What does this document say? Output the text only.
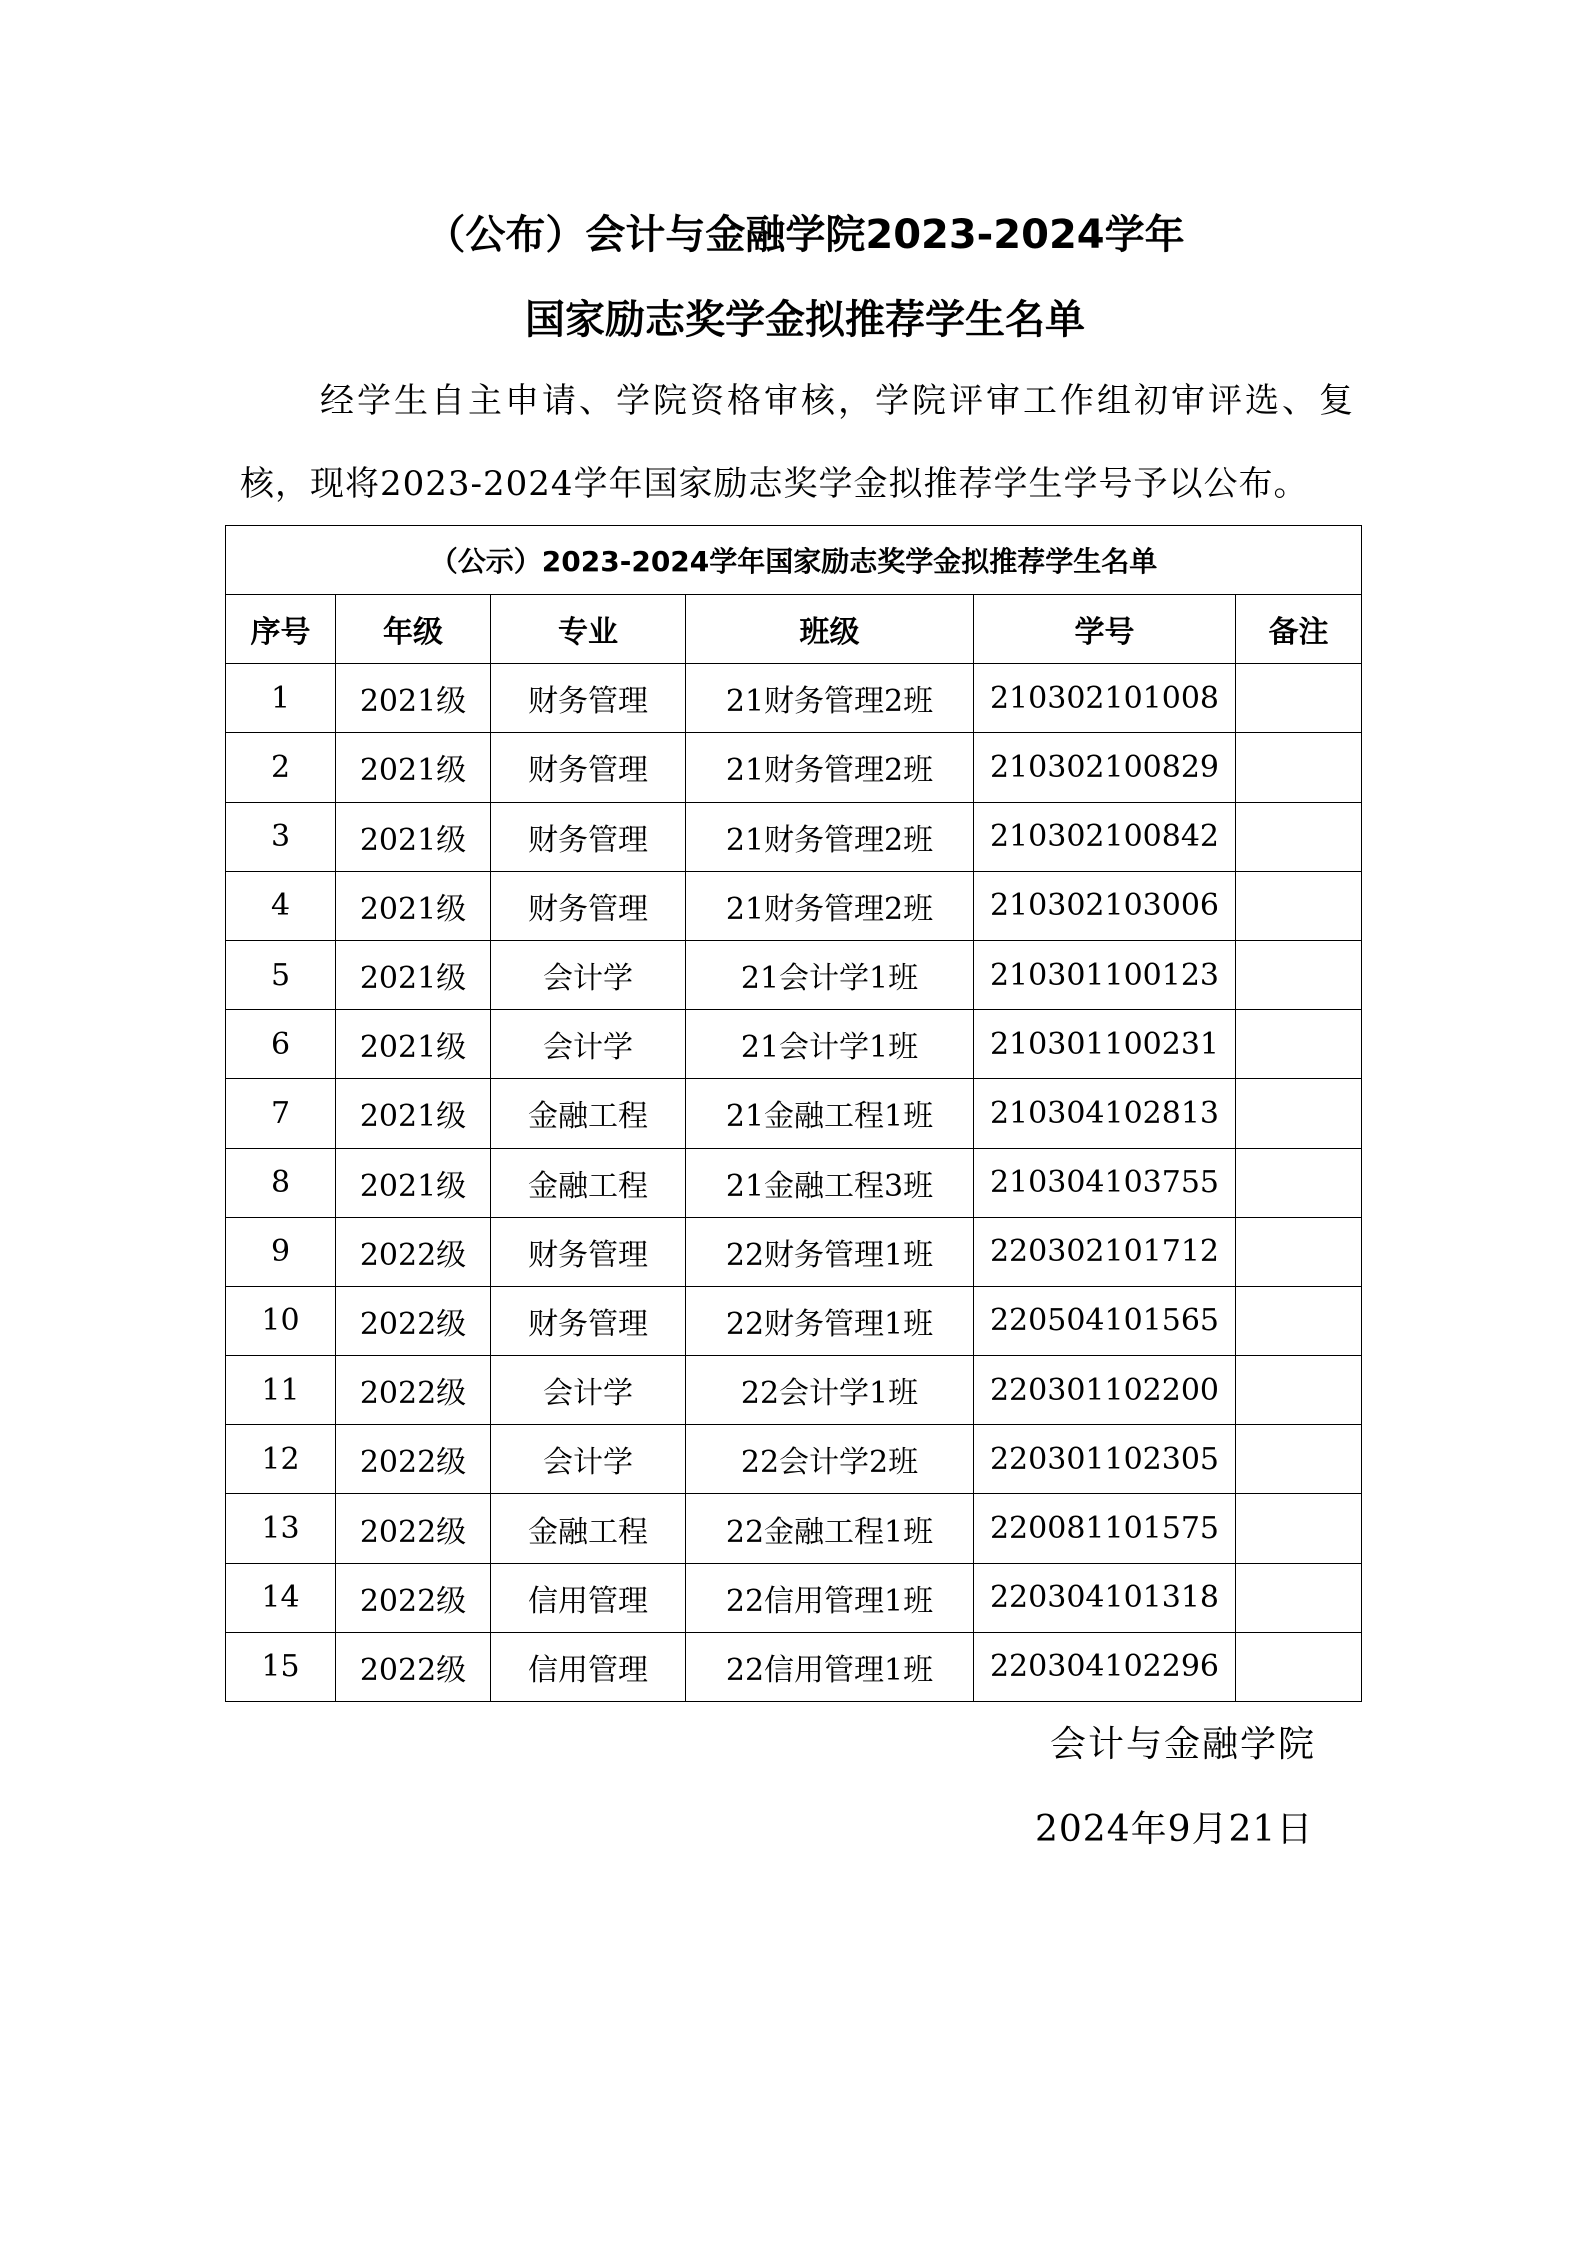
（公布）会计与金融学院2023-2024学年
国家励志奖学金拟推荐学生名单

经学生自主申请、学院资格审核，学院评审工作组初审评选、复

核，现将2023-2024学年国家励志奖学金拟推荐学生学号予以公布。

（公示）2023-2024学年国家励志奖学金拟推荐学生名单					
序号	年级	专业	班级	学号	备注
1	2021级	财务管理	21财务管理2班	210302101008	
2	2021级	财务管理	21财务管理2班	210302100829	
3	2021级	财务管理	21财务管理2班	210302100842	
4	2021级	财务管理	21财务管理2班	210302103006	
5	2021级	会计学	21会计学1班	210301100123	
6	2021级	会计学	21会计学1班	210301100231	
7	2021级	金融工程	21金融工程1班	210304102813	
8	2021级	金融工程	21金融工程3班	210304103755	
9	2022级	财务管理	22财务管理1班	220302101712	
10	2022级	财务管理	22财务管理1班	220504101565	
11	2022级	会计学	22会计学1班	220301102200	
12	2022级	会计学	22会计学2班	220301102305	
13	2022级	金融工程	22金融工程1班	220081101575	
14	2022级	信用管理	22信用管理1班	220304101318	
15	2022级	信用管理	22信用管理1班	220304102296	

会计与金融学院

2024年9月21日
